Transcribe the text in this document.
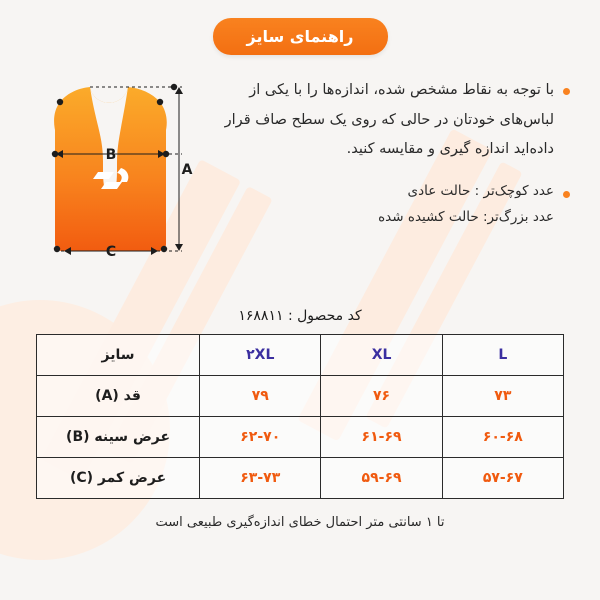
راهنمای سایز

با توجه به نقاط مشخص شده، اندازه‌ها را با یکی از لباس‌های خودتان در حالی که روی یک سطح صاف قرار داده‌اید اندازه گیری و مقایسه کنید.

عدد کوچک‌تر : حالت عادی
عدد بزرگ‌تر: حالت کشیده شده

A
B
C
کد محصول : ۱۶۸۸۱۱
L	XL	۲XL	سایز
۷۳	۷۶	۷۹	قد (A)
۶۰-۶۸	۶۱-۶۹	۶۲-۷۰	عرض سینه (B)
۵۷-۶۷	۵۹-۶۹	۶۳-۷۳	عرض کمر (C)
تا ۱ سانتی متر احتمال خطای اندازه‌گیری طبیعی است
